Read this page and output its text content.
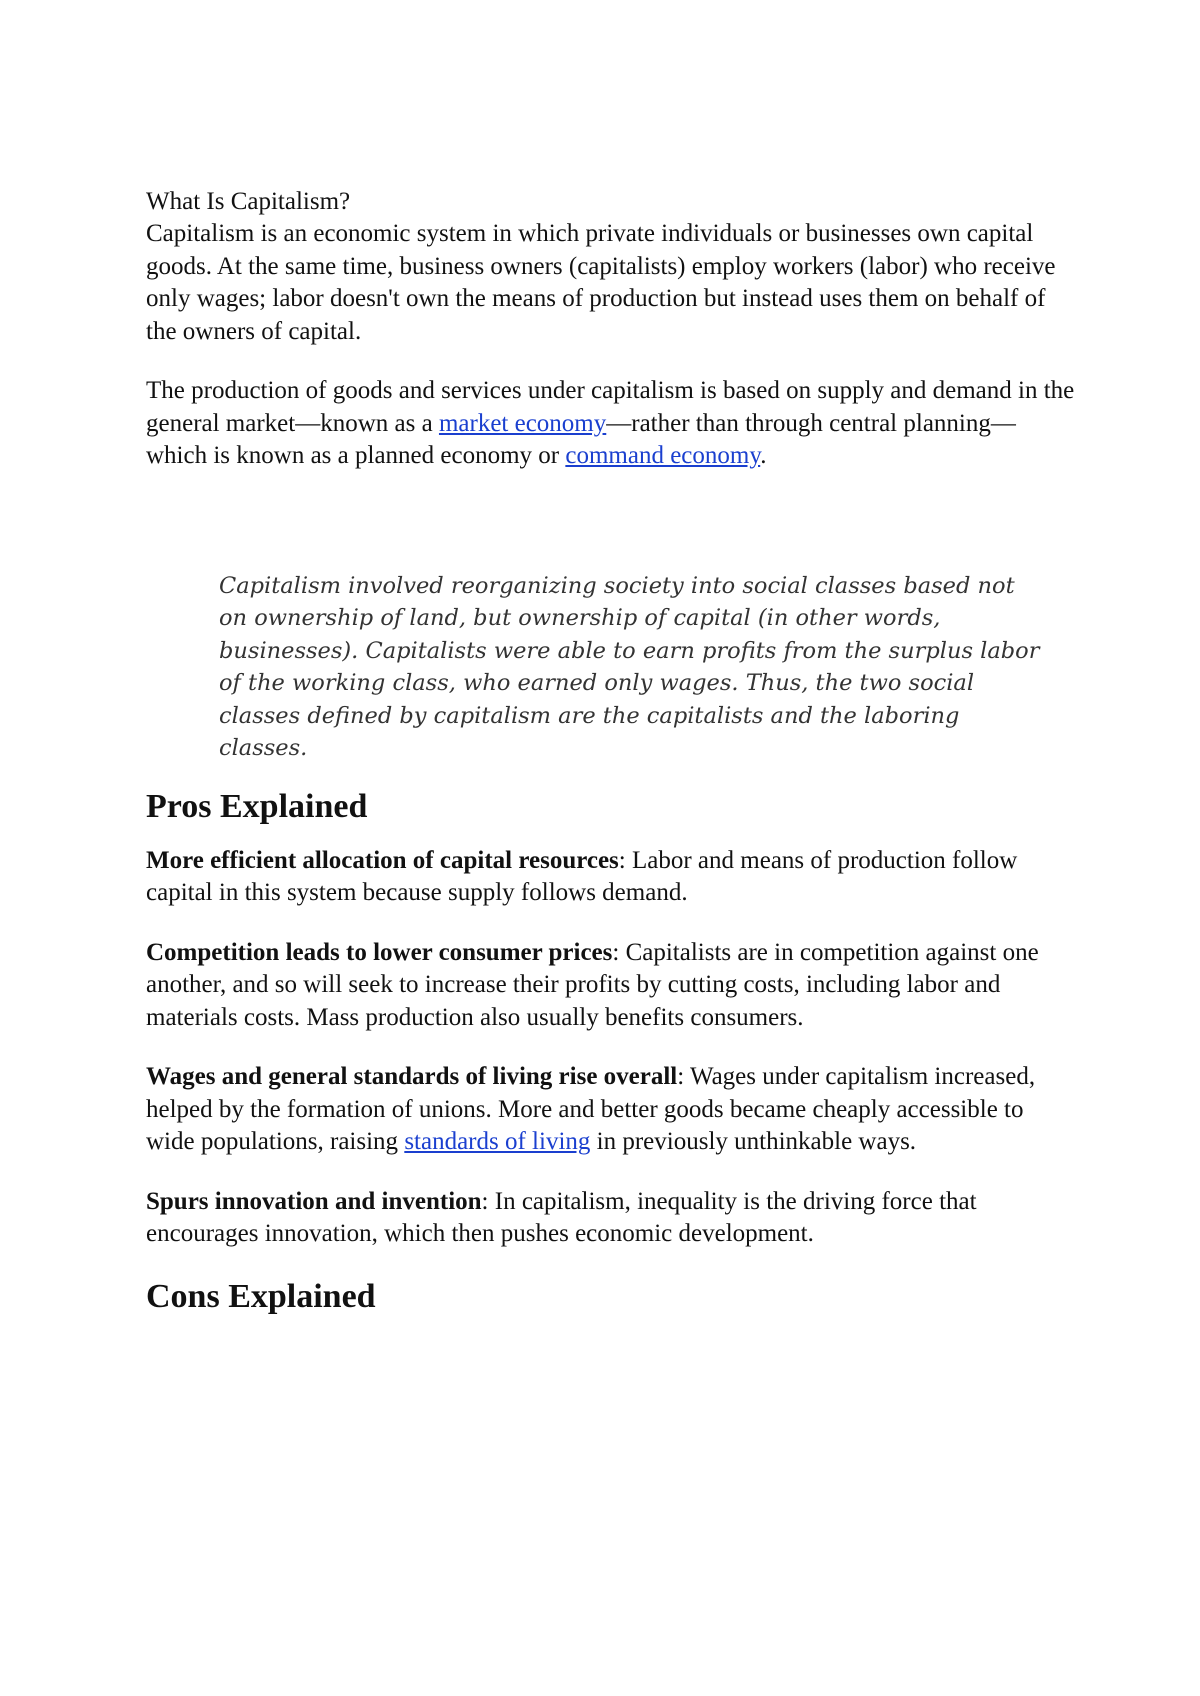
What Is Capitalism?

Capitalism is an economic system in which private individuals or businesses own capital goods. At the same time, business owners (capitalists) employ workers (labor) who receive only wages; labor doesn't own the means of production but instead uses them on behalf of the owners of capital.

The production of goods and services under capitalism is based on supply and demand in the general market—known as a market economy—rather than through central planning—which is known as a planned economy or command economy.

Capitalism involved reorganizing society into social classes based not on ownership of land, but ownership of capital (in other words, businesses). Capitalists were able to earn profits from the surplus labor of the working class, who earned only wages. Thus, the two social classes defined by capitalism are the capitalists and the laboring classes.

Pros Explained

More efficient allocation of capital resources: Labor and means of production follow capital in this system because supply follows demand.

Competition leads to lower consumer prices: Capitalists are in competition against one another, and so will seek to increase their profits by cutting costs, including labor and materials costs. Mass production also usually benefits consumers.

Wages and general standards of living rise overall: Wages under capitalism increased, helped by the formation of unions. More and better goods became cheaply accessible to wide populations, raising standards of living in previously unthinkable ways.

Spurs innovation and invention: In capitalism, inequality is the driving force that encourages innovation, which then pushes economic development.

Cons Explained
